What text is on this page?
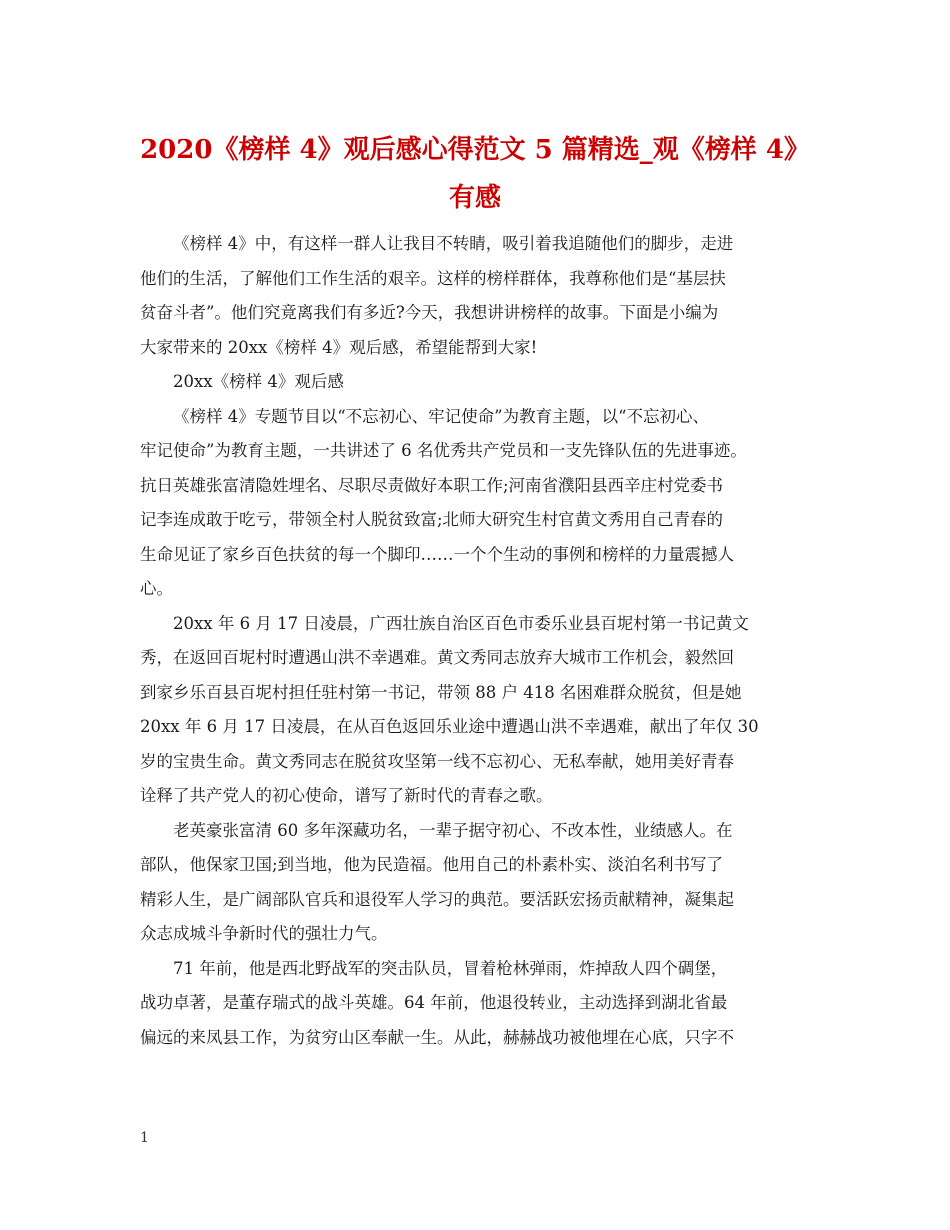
2020《榜样 4》观后感心得范文 5 篇精选_观《榜样 4》
有感

《榜样 4》中，有这样一群人让我目不转睛，吸引着我追随他们的脚步，走进
他们的生活，了解他们工作生活的艰辛。这样的榜样群体，我尊称他们是“基层扶
贫奋斗者”。他们究竟离我们有多近?今天，我想讲讲榜样的故事。下面是小编为
大家带来的 20xx《榜样 4》观后感，希望能帮到大家!

20xx《榜样 4》观后感

《榜样 4》专题节目以“不忘初心、牢记使命”为教育主题，以“不忘初心、
牢记使命”为教育主题，一共讲述了 6 名优秀共产党员和一支先锋队伍的先进事迹。
抗日英雄张富清隐姓埋名、尽职尽责做好本职工作;河南省濮阳县西辛庄村党委书
记李连成敢于吃亏，带领全村人脱贫致富;北师大研究生村官黄文秀用自己青春的
生命见证了家乡百色扶贫的每一个脚印……一个个生动的事例和榜样的力量震撼人
心。

20xx 年 6 月 17 日凌晨，广西壮族自治区百色市委乐业县百坭村第一书记黄文
秀，在返回百坭村时遭遇山洪不幸遇难。黄文秀同志放弃大城市工作机会，毅然回
到家乡乐百县百坭村担任驻村第一书记，带领 88 户 418 名困难群众脱贫，但是她
20xx 年 6 月 17 日凌晨，在从百色返回乐业途中遭遇山洪不幸遇难，献出了年仅 30
岁的宝贵生命。黄文秀同志在脱贫攻坚第一线不忘初心、无私奉献，她用美好青春
诠释了共产党人的初心使命，谱写了新时代的青春之歌。

老英豪张富清 60 多年深藏功名，一辈子据守初心、不改本性，业绩感人。在
部队，他保家卫国;到当地，他为民造福。他用自己的朴素朴实、淡泊名利书写了
精彩人生，是广阔部队官兵和退役军人学习的典范。要活跃宏扬贡献精神，凝集起
众志成城斗争新时代的强壮力气。

71 年前，他是西北野战军的突击队员，冒着枪林弹雨，炸掉敌人四个碉堡，
战功卓著，是董存瑞式的战斗英雄。64 年前，他退役转业，主动选择到湖北省最
偏远的来凤县工作，为贫穷山区奉献一生。从此，赫赫战功被他埋在心底，只字不

1
